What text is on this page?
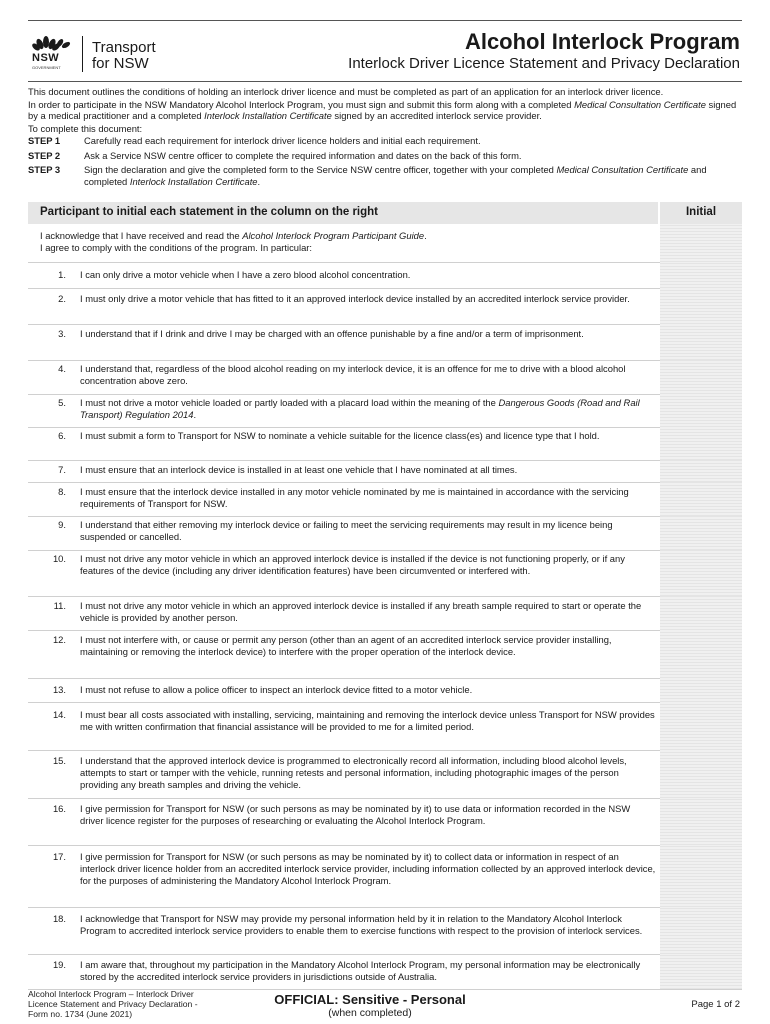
NSW
GOVERNMENT
Transport
for NSW
Alcohol Interlock Program
Interlock Driver Licence Statement and Privacy Declaration

This document outlines the conditions of holding an interlock driver licence and must be completed as part of an application for an interlock driver licence.

In order to participate in the NSW Mandatory Alcohol Interlock Program, you must sign and submit this form along with a completed Medical Consultation Certificate signed by a medical practitioner and a completed Interlock Installation Certificate signed by an accredited interlock service provider.

To complete this document:

STEP 1	Carefully read each requirement for interlock driver licence holders and initial each requirement.
STEP 2	Ask a Service NSW centre officer to complete the required information and dates on the back of this form.
STEP 3	Sign the declaration and give the completed form to the Service NSW centre officer, together with your completed Medical Consultation Certificate and completed Interlock Installation Certificate.
Participant to initial each statement in the column on the right	Initial
I acknowledge that I have received and read the Alcohol Interlock Program Participant Guide.
I agree to comply with the conditions of the program. In particular:
1. I can only drive a motor vehicle when I have a zero blood alcohol concentration.
2. I must only drive a motor vehicle that has fitted to it an approved interlock device installed by an accredited interlock service provider.
3. I understand that if I drink and drive I may be charged with an offence punishable by a fine and/or a term of imprisonment.
4. I understand that, regardless of the blood alcohol reading on my interlock device, it is an offence for me to drive with a blood alcohol concentration above zero.
5. I must not drive a motor vehicle loaded or partly loaded with a placard load within the meaning of the Dangerous Goods (Road and Rail Transport) Regulation 2014.
6. I must submit a form to Transport for NSW to nominate a vehicle suitable for the licence class(es) and licence type that I hold.
7. I must ensure that an interlock device is installed in at least one vehicle that I have nominated at all times.
8. I must ensure that the interlock device installed in any motor vehicle nominated by me is maintained in accordance with the servicing requirements of Transport for NSW.
9. I understand that either removing my interlock device or failing to meet the servicing requirements may result in my licence being suspended or cancelled.
10. I must not drive any motor vehicle in which an approved interlock device is installed if the device is not functioning properly, or if any features of the device (including any driver identification features) have been circumvented or interfered with.
11. I must not drive any motor vehicle in which an approved interlock device is installed if any breath sample required to start or operate the vehicle is provided by another person.
12. I must not interfere with, or cause or permit any person (other than an agent of an accredited interlock service provider installing, maintaining or removing the interlock device) to interfere with the proper operation of the interlock device.
13. I must not refuse to allow a police officer to inspect an interlock device fitted to a motor vehicle.
14. I must bear all costs associated with installing, servicing, maintaining and removing the interlock device unless Transport for NSW provides me with written confirmation that financial assistance will be provided to me for a limited period.
15. I understand that the approved interlock device is programmed to electronically record all information, including blood alcohol levels, attempts to start or tamper with the vehicle, running retests and personal information, including photographic images of the person providing any breath samples and driving the vehicle.
16. I give permission for Transport for NSW (or such persons as may be nominated by it) to use data or information recorded in the NSW driver licence register for the purposes of researching or evaluating the Alcohol Interlock Program.
17. I give permission for Transport for NSW (or such persons as may be nominated by it) to collect data or information in respect of an interlock driver licence holder from an accredited interlock service provider, including information collected by an approved interlock device, for the purposes of administering the Mandatory Alcohol Interlock Program.
18. I acknowledge that Transport for NSW may provide my personal information held by it in relation to the Mandatory Alcohol Interlock Program to accredited interlock service providers to enable them to exercise functions with respect to the provision of interlock services.
19. I am aware that, throughout my participation in the Mandatory Alcohol Interlock Program, my personal information may be electronically stored by the accredited interlock service providers in jurisdictions outside of Australia.
Alcohol Interlock Program – Interlock Driver
Licence Statement and Privacy Declaration -
Form no. 1734 (June 2021)
OFFICIAL: Sensitive - Personal
(when completed)
Page 1 of 2
